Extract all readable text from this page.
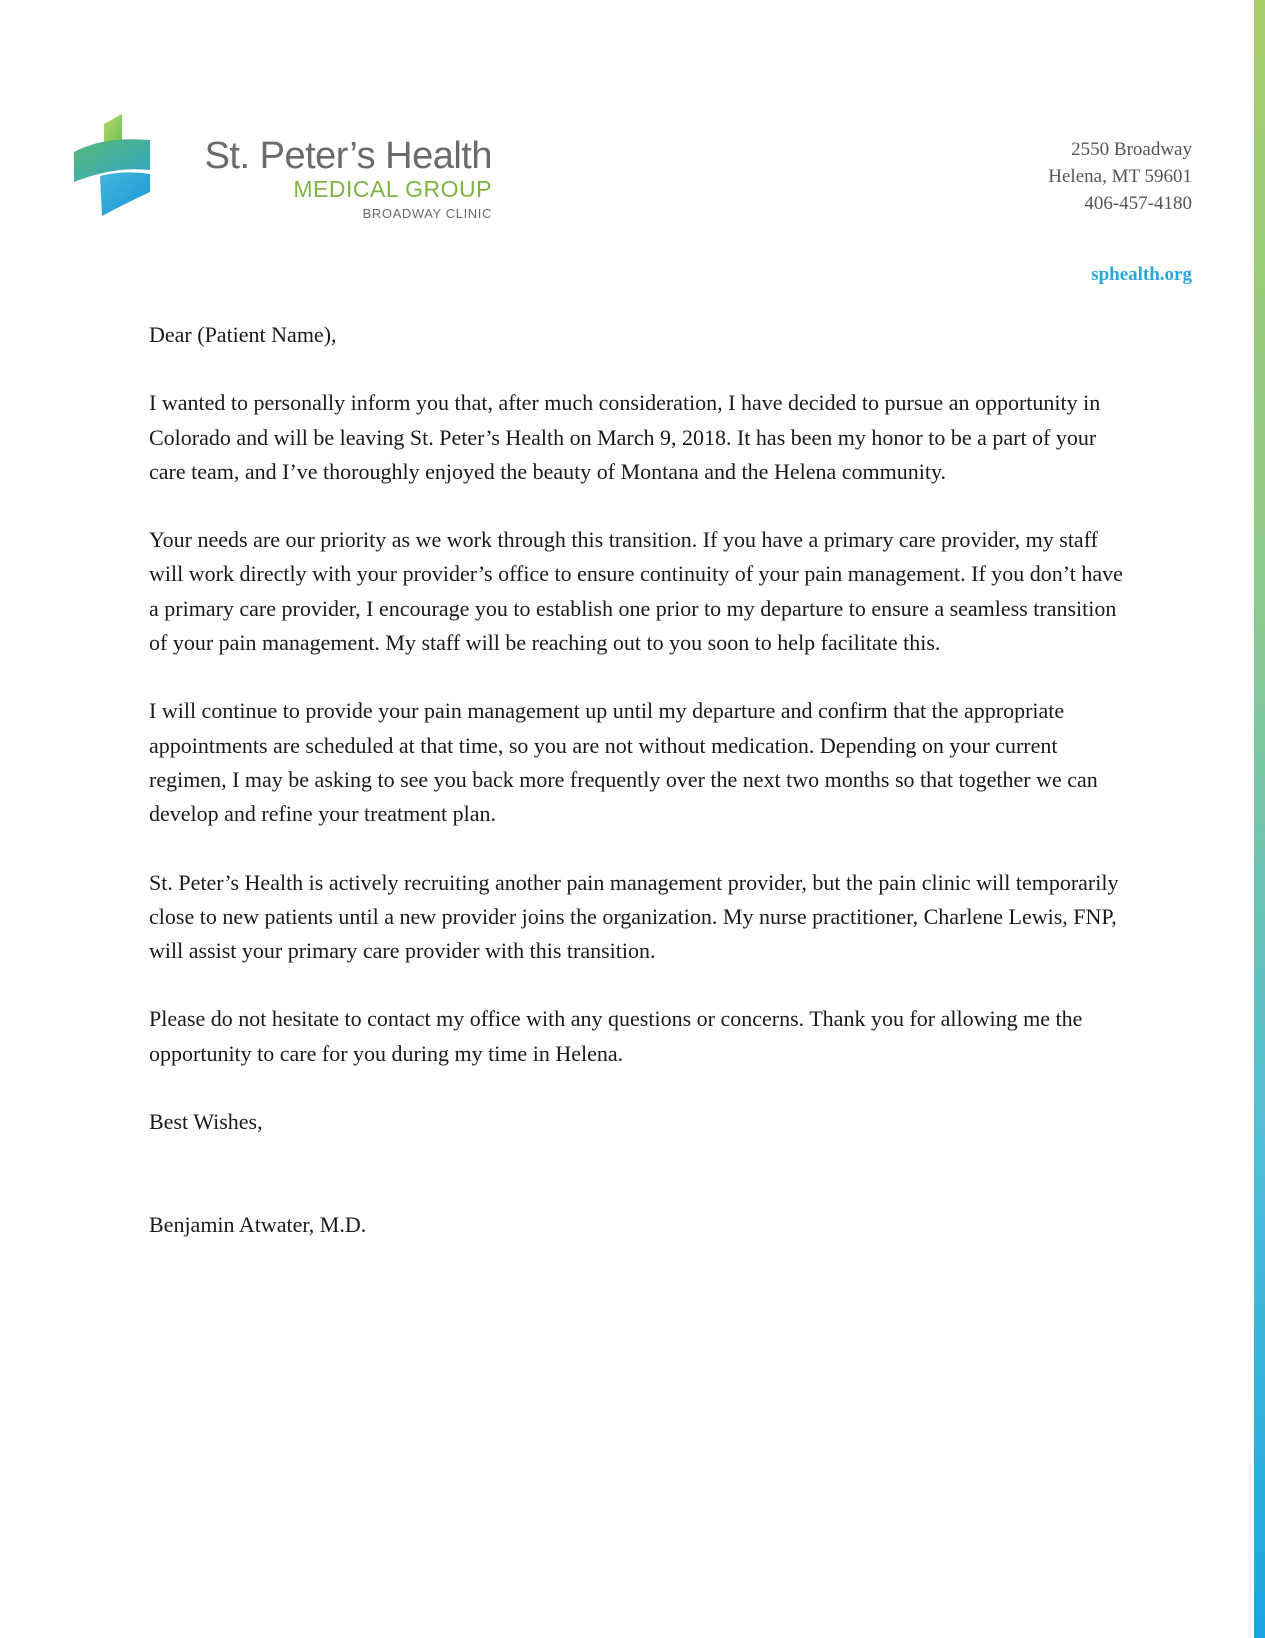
St. Peter’s Health
MEDICAL GROUP
BROADWAY CLINIC
2550 Broadway
Helena, MT 59601
406-457-4180
sphealth.org

Dear (Patient Name),

I wanted to personally inform you that, after much consideration, I have decided to pursue an opportunity in Colorado and will be leaving St. Peter’s Health on March 9, 2018. It has been my honor to be a part of your care team, and I’ve thoroughly enjoyed the beauty of Montana and the Helena community.

Your needs are our priority as we work through this transition. If you have a primary care provider, my staff will work directly with your provider’s office to ensure continuity of your pain management. If you don’t have a primary care provider, I encourage you to establish one prior to my departure to ensure a seamless transition of your pain management. My staff will be reaching out to you soon to help facilitate this.

I will continue to provide your pain management up until my departure and confirm that the appropriate appointments are scheduled at that time, so you are not without medication. Depending on your current regimen, I may be asking to see you back more frequently over the next two months so that together we can develop and refine your treatment plan.

St. Peter’s Health is actively recruiting another pain management provider, but the pain clinic will temporarily close to new patients until a new provider joins the organization. My nurse practitioner, Charlene Lewis, FNP, will assist your primary care provider with this transition.

Please do not hesitate to contact my office with any questions or concerns. Thank you for allowing me the opportunity to care for you during my time in Helena.

Best Wishes,

Benjamin Atwater, M.D.
